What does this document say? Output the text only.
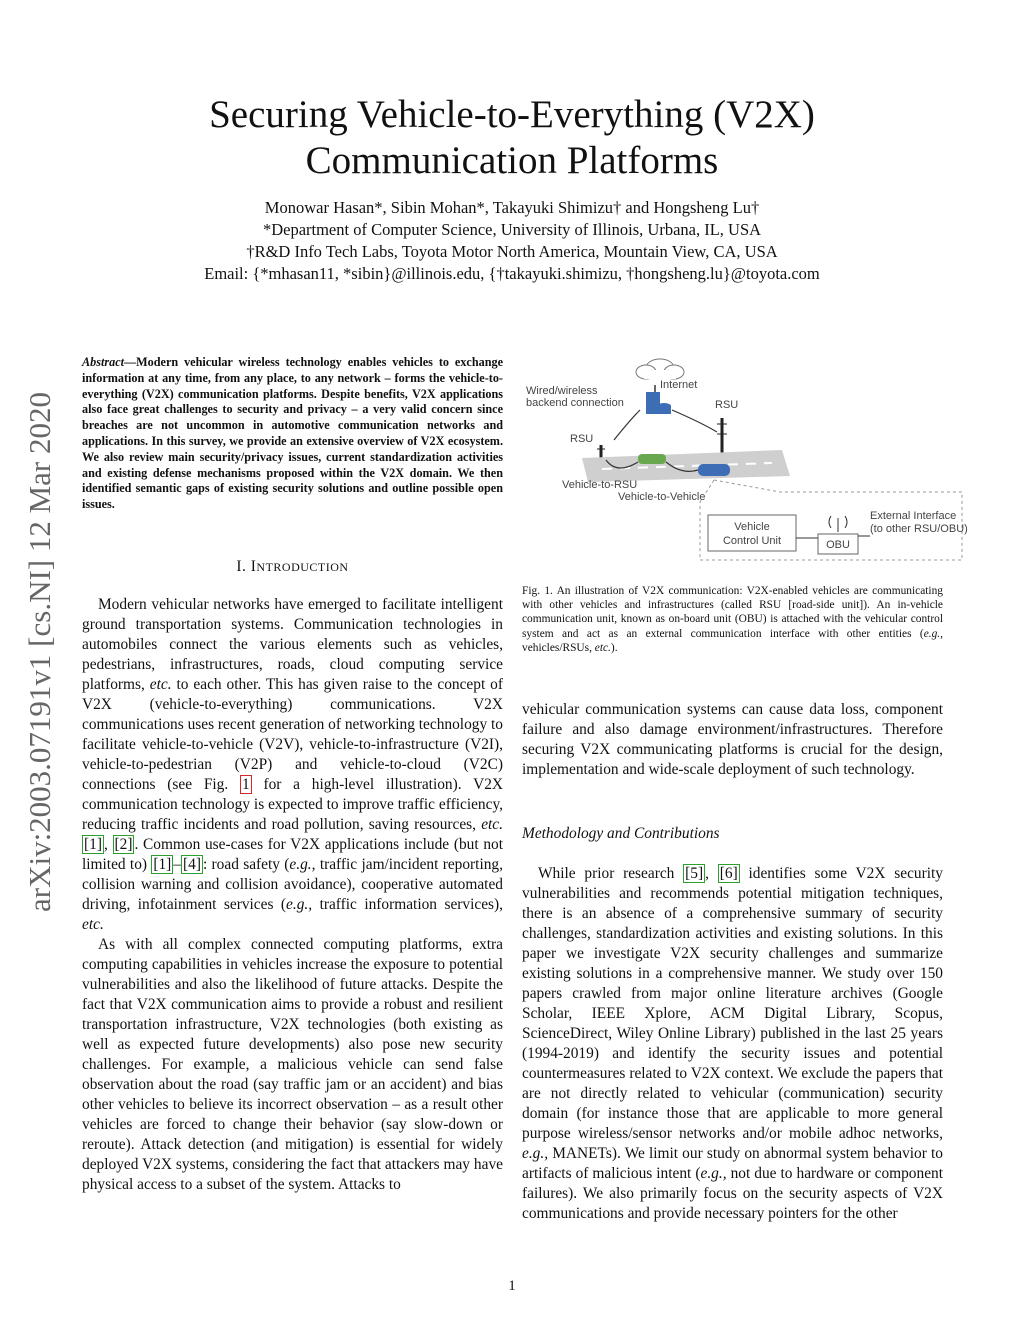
Securing Vehicle-to-Everything (V2X)
Communication Platforms
Monowar Hasan*, Sibin Mohan*, Takayuki Shimizu† and Hongsheng Lu†
*Department of Computer Science, University of Illinois, Urbana, IL, USA
†R&D Info Tech Labs, Toyota Motor North America, Mountain View, CA, USA
Email: {*mhasan11, *sibin}@illinois.edu, {†takayuki.shimizu, †hongsheng.lu}@toyota.com
arXiv:2003.07191v1 [cs.NI] 12 Mar 2020
Abstract—Modern vehicular wireless technology enables vehicles to exchange information at any time, from any place, to any network – forms the vehicle-to-everything (V2X) communication platforms. Despite benefits, V2X applications also face great challenges to security and privacy – a very valid concern since breaches are not uncommon in automotive communication networks and applications. In this survey, we provide an extensive overview of V2X ecosystem. We also review main security/privacy issues, current standardization activities and existing defense mechanisms proposed within the V2X domain. We then identified semantic gaps of existing security solutions and outline possible open issues.
I. INTRODUCTION

Modern vehicular networks have emerged to facilitate intelligent ground transportation systems. Communication technologies in automobiles connect the various elements such as vehicles, pedestrians, infrastructures, roads, cloud computing service platforms, etc. to each other. This has given raise to the concept of V2X (vehicle-to-everything) communications. V2X communications uses recent generation of networking technology to facilitate vehicle-to-vehicle (V2V), vehicle-to-infrastructure (V2I), vehicle-to-pedestrian (V2P) and vehicle-to-cloud (V2C) connections (see Fig. 1 for a high-level illustration). V2X communication technology is expected to improve traffic efficiency, reducing traffic incidents and road pollution, saving resources, etc. [1] , [2] . Common use-cases for V2X applications include (but not limited to) [1] – [4] : road safety (e.g., traffic jam/incident reporting, collision warning and collision avoidance), cooperative automated driving, infotainment services (e.g., traffic information services), etc.

As with all complex connected computing platforms, extra computing capabilities in vehicles increase the exposure to potential vulnerabilities and also the likelihood of future attacks. Despite the fact that V2X communication aims to provide a robust and resilient transportation infrastructure, V2X technologies (both existing as well as expected future developments) also pose new security challenges. For example, a malicious vehicle can send false observation about the road (say traffic jam or an accident) and bias other vehicles to believe its incorrect observation – as a result other vehicles are forced to change their behavior (say slow-down or reroute). Attack detection (and mitigation) is essential for widely deployed V2X systems, considering the fact that attackers may have physical access to a subset of the system. Attacks to

Internet
Wired/wireless
backend connection
RSU
RSU
Vehicle-to-RSU
Vehicle-to-Vehicle
Vehicle
Control Unit	OBU
External Interface
(to other RSU/OBU)
Fig. 1. An illustration of V2X communication: V2X-enabled vehicles are communicating with other vehicles and infrastructures (called RSU [road-side unit]). An in-vehicle communication unit, known as on-board unit (OBU) is attached with the vehicular control system and act as an external communication interface with other entities (e.g., vehicles/RSUs, etc.).

vehicular communication systems can cause data loss, component failure and also damage environment/infrastructures. Therefore securing V2X communicating platforms is crucial for the design, implementation and wide-scale deployment of such technology.

Methodology and Contributions

While prior research [5] , [6] identifies some V2X security vulnerabilities and recommends potential mitigation techniques, there is an absence of a comprehensive summary of security challenges, standardization activities and existing solutions. In this paper we investigate V2X security challenges and summarize existing solutions in a comprehensive manner. We study over 150 papers crawled from major online literature archives (Google Scholar, IEEE Xplore, ACM Digital Library, Scopus, ScienceDirect, Wiley Online Library) published in the last 25 years (1994-2019) and identify the security issues and potential countermeasures related to V2X context. We exclude the papers that are not directly related to vehicular (communication) security domain (for instance those that are applicable to more general purpose wireless/sensor networks and/or mobile adhoc networks, e.g., MANETs). We limit our study on abnormal system behavior to artifacts of malicious intent (e.g., not due to hardware or component failures). We also primarily focus on the security aspects of V2X communications and provide necessary pointers for the other

1
